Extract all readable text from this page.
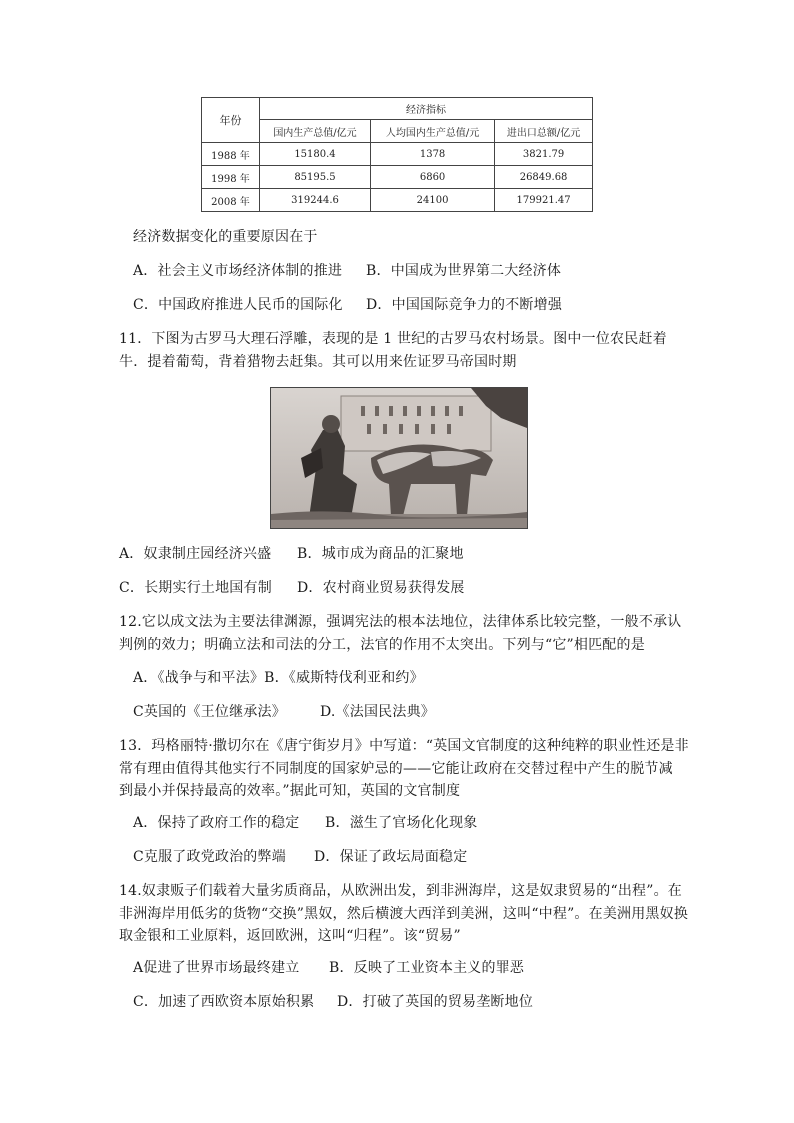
年份	经济指标		
	国内生产总值/亿元	人均国内生产总值/元	进出口总额/亿元
1988 年	15180.4	1378	3821.79
1998 年	85195.5	6860	26849.68
2008 年	319244.6	24100	179921.47
经济数据变化的重要原因在于
A．社会主义市场经济体制的推进 B．中国成为世界第二大经济体
C．中国政府推进人民币的国际化 D．中国国际竞争力的不断增强
11．下图为古罗马大理石浮雕，表现的是 1 世纪的古罗马农村场景。图中一位农民赶着
牛．提着葡萄，背着猎物去赶集。其可以用来佐证罗马帝国时期
A．奴隶制庄园经济兴盛 B．城市成为商品的汇聚地
C．长期实行土地国有制 D．农村商业贸易获得发展
12.它以成文法为主要法律渊源，强调宪法的根本法地位，法律体系比较完整，一般不承认
判例的效力；明确立法和司法的分工，法官的作用不太突出。下列与“它”相匹配的是
A．《战争与和平法》B．《威斯特伐利亚和约》
C英国的《王位继承法》 D.《法国民法典》
13．玛格丽特·撒切尔在《唐宁街岁月》中写道：“英国文官制度的这种纯粹的职业性还是非
常有理由值得其他实行不同制度的国家妒忌的——它能让政府在交替过程中产生的脱节减
到最小并保持最高的效率。”据此可知，英国的文官制度
A．保持了政府工作的稳定 B．滋生了官场化化现象
C克服了政党政治的弊端 D．保证了政坛局面稳定
14.奴隶贩子们载着大量劣质商品，从欧洲出发，到非洲海岸，这是奴隶贸易的“出程”。在
非洲海岸用低劣的货物“交换”黑奴，然后横渡大西洋到美洲，这叫“中程”。在美洲用黑奴换
取金银和工业原料，返回欧洲，这叫“归程”。该“贸易”
A促进了世界市场最终建立 B．反映了工业资本主义的罪恶
C．加速了西欧资本原始积累 D．打破了英国的贸易垄断地位
